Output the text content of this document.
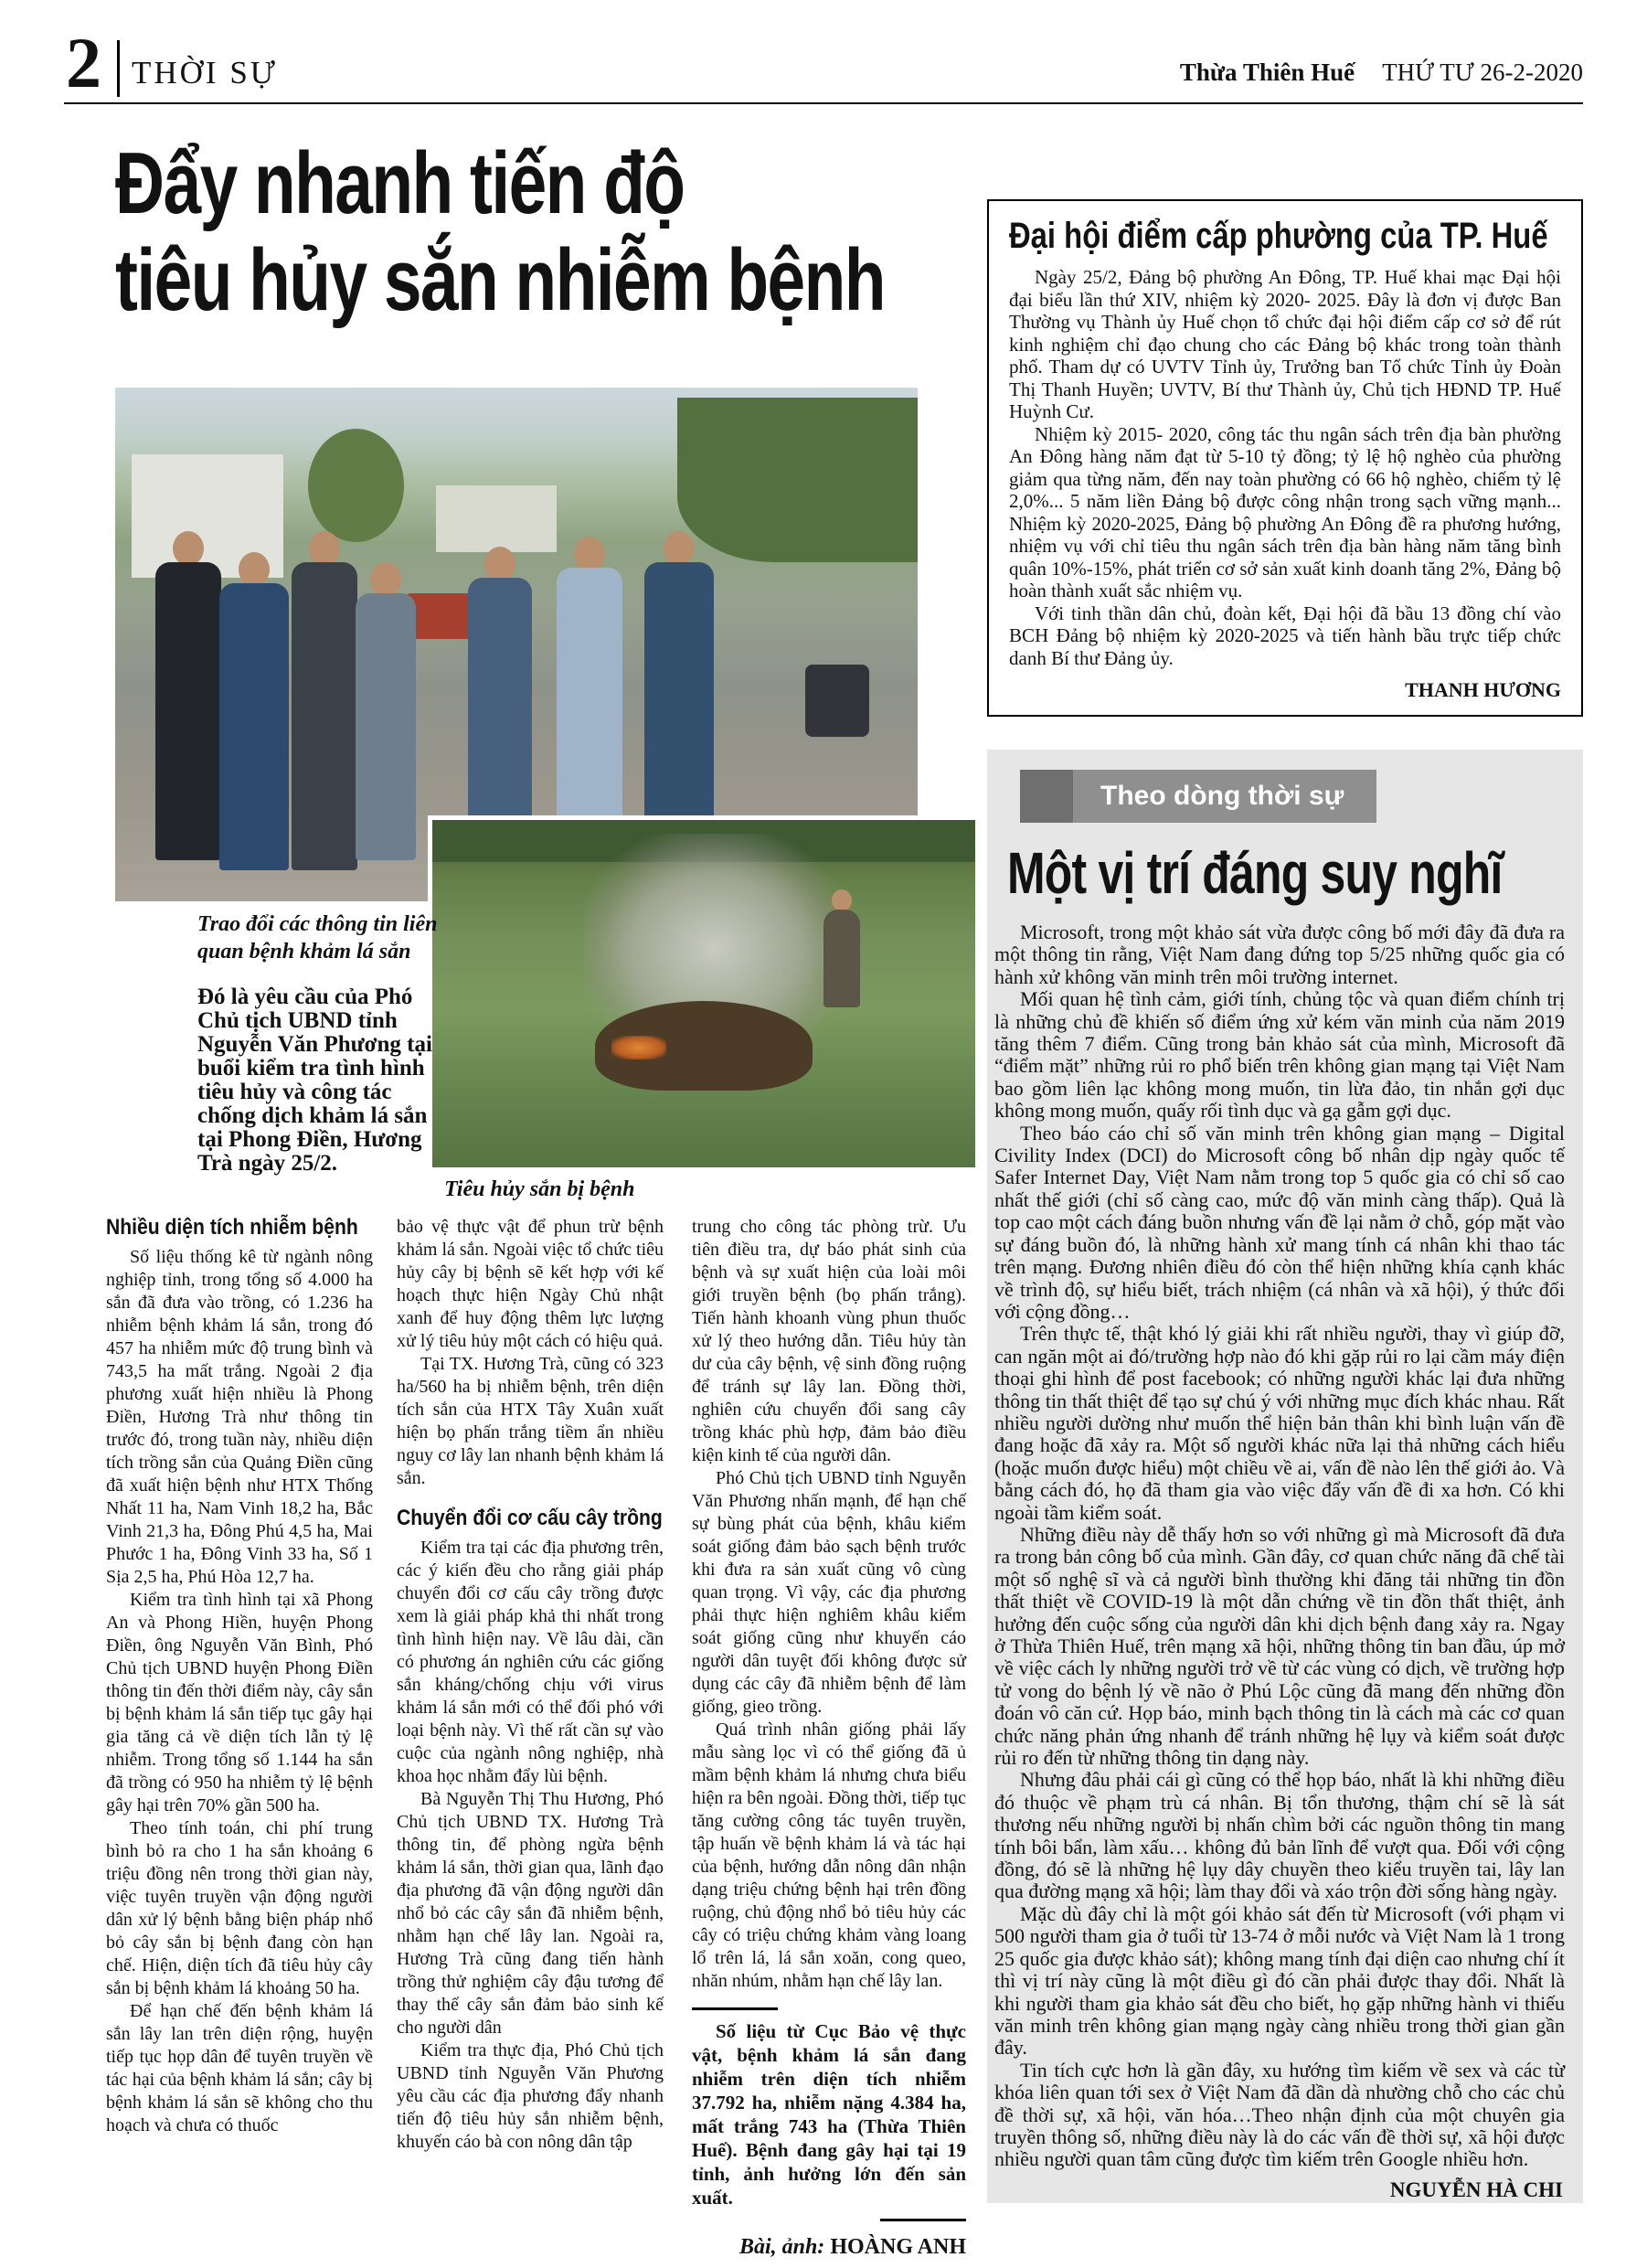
2 THỜI SỰ	Thừa Thiên Huế THỨ TƯ 26-2-2020
Đẩy nhanh tiến độ
tiêu hủy sắn nhiễm bệnh
Trao đổi các thông tin liên quan bệnh khảm lá sắn
Tiêu hủy sắn bị bệnh
Đó là yêu cầu của Phó Chủ tịch UBND tỉnh Nguyễn Văn Phương tại buổi kiểm tra tình hình tiêu hủy và công tác chống dịch khảm lá sắn tại Phong Điền, Hương Trà ngày 25/2.
Nhiều diện tích nhiễm bệnh

Số liệu thống kê từ ngành nông nghiệp tỉnh, trong tổng số 4.000 ha sắn đã đưa vào trồng, có 1.236 ha nhiễm bệnh khảm lá sắn, trong đó 457 ha nhiễm mức độ trung bình và 743,5 ha mất trắng. Ngoài 2 địa phương xuất hiện nhiều là Phong Điền, Hương Trà như thông tin trước đó, trong tuần này, nhiều diện tích trồng sắn của Quảng Điền cũng đã xuất hiện bệnh như HTX Thống Nhất 11 ha, Nam Vinh 18,2 ha, Bắc Vinh 21,3 ha, Đông Phú 4,5 ha, Mai Phước 1 ha, Đông Vinh 33 ha, Số 1 Sịa 2,5 ha, Phú Hòa 12,7 ha.

Kiểm tra tình hình tại xã Phong An và Phong Hiền, huyện Phong Điền, ông Nguyễn Văn Bình, Phó Chủ tịch UBND huyện Phong Điền thông tin đến thời điểm này, cây sắn bị bệnh khảm lá sắn tiếp tục gây hại gia tăng cả về diện tích lẫn tỷ lệ nhiễm. Trong tổng số 1.144 ha sắn đã trồng có 950 ha nhiễm tỷ lệ bệnh gây hại trên 70% gần 500 ha.

Theo tính toán, chi phí trung bình bỏ ra cho 1 ha sắn khoảng 6 triệu đồng nên trong thời gian này, việc tuyên truyền vận động người dân xử lý bệnh bằng biện pháp nhổ bỏ cây sắn bị bệnh đang còn hạn chế. Hiện, diện tích đã tiêu hủy cây sắn bị bệnh khảm lá khoảng 50 ha.

Để hạn chế đến bệnh khảm lá sắn lây lan trên diện rộng, huyện tiếp tục họp dân để tuyên truyền về tác hại của bệnh khảm lá sắn; cây bị bệnh khảm lá sắn sẽ không cho thu hoạch và chưa có thuốc

bảo vệ thực vật để phun trừ bệnh khảm lá sắn. Ngoài việc tổ chức tiêu hủy cây bị bệnh sẽ kết hợp với kế hoạch thực hiện Ngày Chủ nhật xanh để huy động thêm lực lượng xử lý tiêu hủy một cách có hiệu quả.

Tại TX. Hương Trà, cũng có 323 ha/560 ha bị nhiễm bệnh, trên diện tích sắn của HTX Tây Xuân xuất hiện bọ phấn trắng tiềm ẩn nhiều nguy cơ lây lan nhanh bệnh khảm lá sắn.

Chuyển đổi cơ cấu cây trồng

Kiểm tra tại các địa phương trên, các ý kiến đều cho rằng giải pháp chuyển đổi cơ cấu cây trồng được xem là giải pháp khả thi nhất trong tình hình hiện nay. Về lâu dài, cần có phương án nghiên cứu các giống sắn kháng/chống chịu với virus khảm lá sắn mới có thể đối phó với loại bệnh này. Vì thế rất cần sự vào cuộc của ngành nông nghiệp, nhà khoa học nhằm đẩy lùi bệnh.

Bà Nguyễn Thị Thu Hương, Phó Chủ tịch UBND TX. Hương Trà thông tin, để phòng ngừa bệnh khảm lá sắn, thời gian qua, lãnh đạo địa phương đã vận động người dân nhổ bỏ các cây sắn đã nhiễm bệnh, nhằm hạn chế lây lan. Ngoài ra, Hương Trà cũng đang tiến hành trồng thử nghiệm cây đậu tương để thay thế cây sắn đảm bảo sinh kế cho người dân

Kiểm tra thực địa, Phó Chủ tịch UBND tỉnh Nguyễn Văn Phương yêu cầu các địa phương đẩy nhanh tiến độ tiêu hủy sắn nhiễm bệnh, khuyến cáo bà con nông dân tập

trung cho công tác phòng trừ. Ưu tiên điều tra, dự báo phát sinh của bệnh và sự xuất hiện của loài môi giới truyền bệnh (bọ phấn trắng). Tiến hành khoanh vùng phun thuốc xử lý theo hướng dẫn. Tiêu hủy tàn dư của cây bệnh, vệ sinh đồng ruộng để tránh sự lây lan. Đồng thời, nghiên cứu chuyển đổi sang cây trồng khác phù hợp, đảm bảo điều kiện kinh tế của người dân.

Phó Chủ tịch UBND tỉnh Nguyễn Văn Phương nhấn mạnh, để hạn chế sự bùng phát của bệnh, khâu kiểm soát giống đảm bảo sạch bệnh trước khi đưa ra sản xuất cũng vô cùng quan trọng. Vì vậy, các địa phương phải thực hiện nghiêm khâu kiểm soát giống cũng như khuyến cáo người dân tuyệt đối không được sử dụng các cây đã nhiễm bệnh để làm giống, gieo trồng.

Quá trình nhân giống phải lấy mẫu sàng lọc vì có thể giống đã ủ mầm bệnh khảm lá nhưng chưa biểu hiện ra bên ngoài. Đồng thời, tiếp tục tăng cường công tác tuyên truyền, tập huấn về bệnh khảm lá và tác hại của bệnh, hướng dẫn nông dân nhận dạng triệu chứng bệnh hại trên đồng ruộng, chủ động nhổ bỏ tiêu hủy các cây có triệu chứng khảm vàng loang lổ trên lá, lá sắn xoăn, cong queo, nhăn nhúm, nhằm hạn chế lây lan.

Số liệu từ Cục Bảo vệ thực vật, bệnh khảm lá sắn đang nhiễm trên diện tích nhiễm 37.792 ha, nhiễm nặng 4.384 ha, mất trắng 743 ha (Thừa Thiên Huế). Bệnh đang gây hại tại 19 tỉnh, ảnh hưởng lớn đến sản xuất.
Bài, ảnh: HOÀNG ANH
Đại hội điểm cấp phường của TP. Huế

Ngày 25/2, Đảng bộ phường An Đông, TP. Huế khai mạc Đại hội đại biểu lần thứ XIV, nhiệm kỳ 2020- 2025. Đây là đơn vị được Ban Thường vụ Thành ủy Huế chọn tổ chức đại hội điểm cấp cơ sở để rút kinh nghiệm chỉ đạo chung cho các Đảng bộ khác trong toàn thành phố. Tham dự có UVTV Tỉnh ủy, Trưởng ban Tổ chức Tỉnh ủy Đoàn Thị Thanh Huyền; UVTV, Bí thư Thành ủy, Chủ tịch HĐND TP. Huế Huỳnh Cư.

Nhiệm kỳ 2015- 2020, công tác thu ngân sách trên địa bàn phường An Đông hàng năm đạt từ 5-10 tỷ đồng; tỷ lệ hộ nghèo của phường giảm qua từng năm, đến nay toàn phường có 66 hộ nghèo, chiếm tỷ lệ 2,0%... 5 năm liền Đảng bộ được công nhận trong sạch vững mạnh... Nhiệm kỳ 2020-2025, Đảng bộ phường An Đông đề ra phương hướng, nhiệm vụ với chỉ tiêu thu ngân sách trên địa bàn hàng năm tăng bình quân 10%-15%, phát triển cơ sở sản xuất kinh doanh tăng 2%, Đảng bộ hoàn thành xuất sắc nhiệm vụ.

Với tinh thần dân chủ, đoàn kết, Đại hội đã bầu 13 đồng chí vào BCH Đảng bộ nhiệm kỳ 2020-2025 và tiến hành bầu trực tiếp chức danh Bí thư Đảng ủy.

THANH HƯƠNG
Theo dòng thời sự
Một vị trí đáng suy nghĩ

Microsoft, trong một khảo sát vừa được công bố mới đây đã đưa ra một thông tin rằng, Việt Nam đang đứng top 5/25 những quốc gia có hành xử không văn minh trên môi trường internet.

Mối quan hệ tình cảm, giới tính, chủng tộc và quan điểm chính trị là những chủ đề khiến số điểm ứng xử kém văn minh của năm 2019 tăng thêm 7 điểm. Cũng trong bản khảo sát của mình, Microsoft đã “điểm mặt” những rủi ro phổ biến trên không gian mạng tại Việt Nam bao gồm liên lạc không mong muốn, tin lừa đảo, tin nhắn gợi dục không mong muốn, quấy rối tình dục và gạ gẫm gợi dục.

Theo báo cáo chỉ số văn minh trên không gian mạng – Digital Civility Index (DCI) do Microsoft công bố nhân dịp ngày quốc tế Safer Internet Day, Việt Nam nằm trong top 5 quốc gia có chỉ số cao nhất thế giới (chỉ số càng cao, mức độ văn minh càng thấp). Quả là top cao một cách đáng buồn nhưng vấn đề lại nằm ở chỗ, góp mặt vào sự đáng buồn đó, là những hành xử mang tính cá nhân khi thao tác trên mạng. Đương nhiên điều đó còn thể hiện những khía cạnh khác về trình độ, sự hiểu biết, trách nhiệm (cá nhân và xã hội), ý thức đối với cộng đồng…

Trên thực tế, thật khó lý giải khi rất nhiều người, thay vì giúp đỡ, can ngăn một ai đó/trường hợp nào đó khi gặp rủi ro lại cầm máy điện thoại ghi hình để post facebook; có những người khác lại đưa những thông tin thất thiệt để tạo sự chú ý với những mục đích khác nhau. Rất nhiều người dường như muốn thể hiện bản thân khi bình luận vấn đề đang hoặc đã xảy ra. Một số người khác nữa lại thả những cách hiểu (hoặc muốn được hiểu) một chiều về ai, vấn đề nào lên thế giới ảo. Và bằng cách đó, họ đã tham gia vào việc đẩy vấn đề đi xa hơn. Có khi ngoài tầm kiểm soát.

Những điều này dễ thấy hơn so với những gì mà Microsoft đã đưa ra trong bản công bố của mình. Gần đây, cơ quan chức năng đã chế tài một số nghệ sĩ và cả người bình thường khi đăng tải những tin đồn thất thiệt về COVID-19 là một dẫn chứng về tin đồn thất thiệt, ảnh hưởng đến cuộc sống của người dân khi dịch bệnh đang xảy ra. Ngay ở Thừa Thiên Huế, trên mạng xã hội, những thông tin ban đầu, úp mở về việc cách ly những người trở về từ các vùng có dịch, về trường hợp tử vong do bệnh lý về não ở Phú Lộc cũng đã mang đến những đồn đoán vô căn cứ. Họp báo, minh bạch thông tin là cách mà các cơ quan chức năng phản ứng nhanh để tránh những hệ lụy và kiểm soát được rủi ro đến từ những thông tin dạng này.

Nhưng đâu phải cái gì cũng có thể họp báo, nhất là khi những điều đó thuộc về phạm trù cá nhân. Bị tổn thương, thậm chí sẽ là sát thương nếu những người bị nhấn chìm bởi các nguồn thông tin mang tính bôi bẩn, làm xấu… không đủ bản lĩnh để vượt qua. Đối với cộng đồng, đó sẽ là những hệ lụy dây chuyền theo kiểu truyền tai, lây lan qua đường mạng xã hội; làm thay đổi và xáo trộn đời sống hàng ngày.

Mặc dù đây chỉ là một gói khảo sát đến từ Microsoft (với phạm vi 500 người tham gia ở tuổi từ 13-74 ở mỗi nước và Việt Nam là 1 trong 25 quốc gia được khảo sát); không mang tính đại diện cao nhưng chí ít thì vị trí này cũng là một điều gì đó cần phải được thay đổi. Nhất là khi người tham gia khảo sát đều cho biết, họ gặp những hành vi thiếu văn minh trên không gian mạng ngày càng nhiều trong thời gian gần đây.

Tin tích cực hơn là gần đây, xu hướng tìm kiếm về sex và các từ khóa liên quan tới sex ở Việt Nam đã dần dà nhường chỗ cho các chủ đề thời sự, xã hội, văn hóa…Theo nhận định của một chuyên gia truyền thông số, những điều này là do các vấn đề thời sự, xã hội được nhiều người quan tâm cũng được tìm kiếm trên Google nhiều hơn.

NGUYỄN HÀ CHI
